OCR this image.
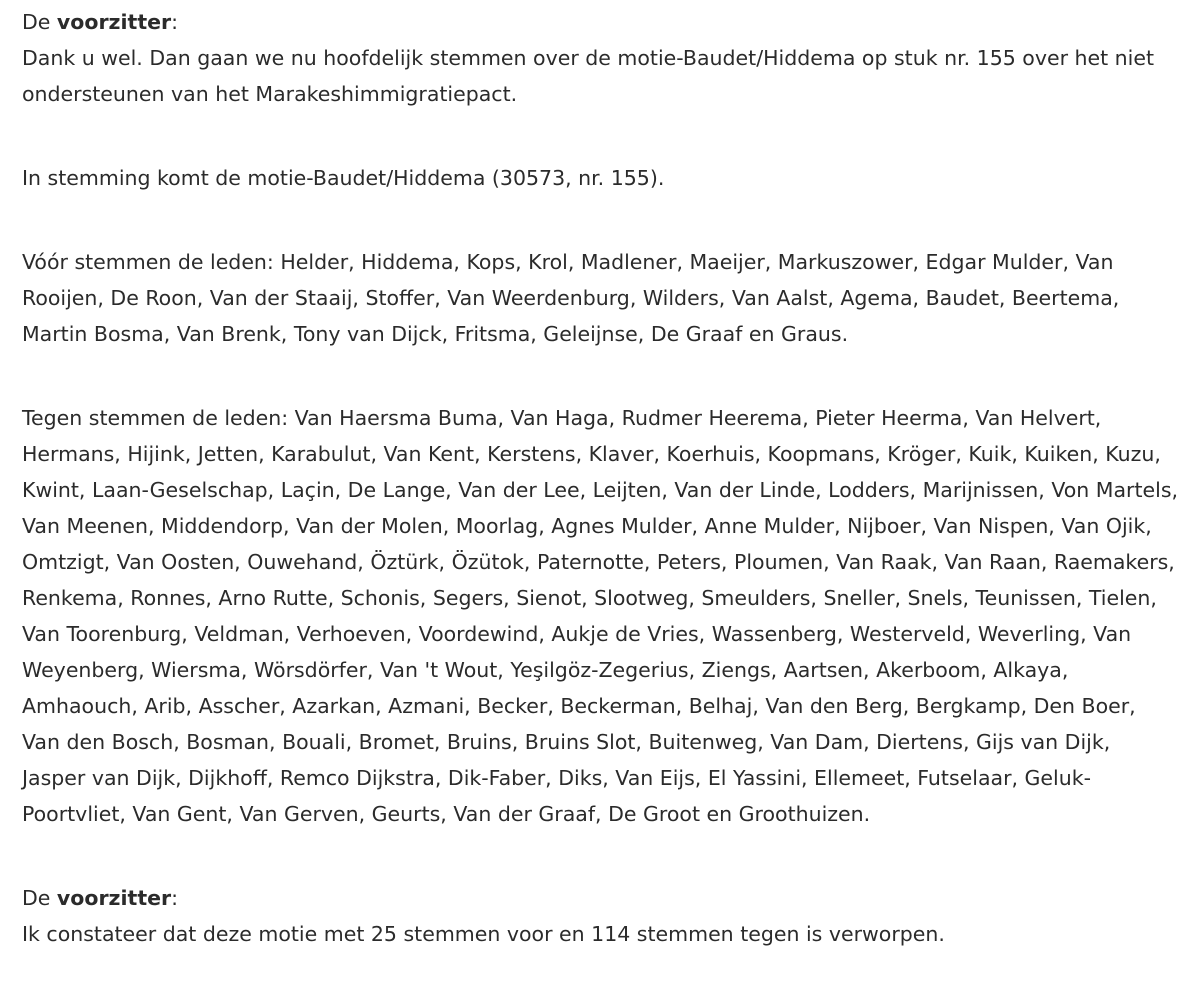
De voorzitter:

Dank u wel. Dan gaan we nu hoofdelijk stemmen over de motie-Baudet/Hiddema op stuk nr. 155 over het niet ondersteunen van het Marakeshimmigratiepact.

In stemming komt de motie-Baudet/Hiddema (30573, nr. 155).

Vóór stemmen de leden: Helder, Hiddema, Kops, Krol, Madlener, Maeijer, Markuszower, Edgar Mulder, Van Rooijen, De Roon, Van der Staaij, Stoffer, Van Weerdenburg, Wilders, Van Aalst, Agema, Baudet, Beertema, Martin Bosma, Van Brenk, Tony van Dijck, Fritsma, Geleijnse, De Graaf en Graus.

Tegen stemmen de leden: Van Haersma Buma, Van Haga, Rudmer Heerema, Pieter Heerma, Van Helvert, Hermans, Hijink, Jetten, Karabulut, Van Kent, Kerstens, Klaver, Koerhuis, Koopmans, Kröger, Kuik, Kuiken, Kuzu, Kwint, Laan-Geselschap, Laçin, De Lange, Van der Lee, Leijten, Van der Linde, Lodders, Marijnissen, Von Martels, Van Meenen, Middendorp, Van der Molen, Moorlag, Agnes Mulder, Anne Mulder, Nijboer, Van Nispen, Van Ojik, Omtzigt, Van Oosten, Ouwehand, Öztürk, Özütok, Paternotte, Peters, Ploumen, Van Raak, Van Raan, Raemakers, Renkema, Ronnes, Arno Rutte, Schonis, Segers, Sienot, Slootweg, Smeulders, Sneller, Snels, Teunissen, Tielen, Van Toorenburg, Veldman, Verhoeven, Voordewind, Aukje de Vries, Wassenberg, Westerveld, Weverling, Van Weyenberg, Wiersma, Wörsdörfer, Van 't Wout, Yeşilgöz-Zegerius, Ziengs, Aartsen, Akerboom, Alkaya, Amhaouch, Arib, Asscher, Azarkan, Azmani, Becker, Beckerman, Belhaj, Van den Berg, Bergkamp, Den Boer, Van den Bosch, Bosman, Bouali, Bromet, Bruins, Bruins Slot, Buitenweg, Van Dam, Diertens, Gijs van Dijk, Jasper van Dijk, Dijkhoff, Remco Dijkstra, Dik-Faber, Diks, Van Eijs, El Yassini, Ellemeet, Futselaar, Geluk-Poortvliet, Van Gent, Van Gerven, Geurts, Van der Graaf, De Groot en Groothuizen.

De voorzitter:

Ik constateer dat deze motie met 25 stemmen voor en 114 stemmen tegen is verworpen.
